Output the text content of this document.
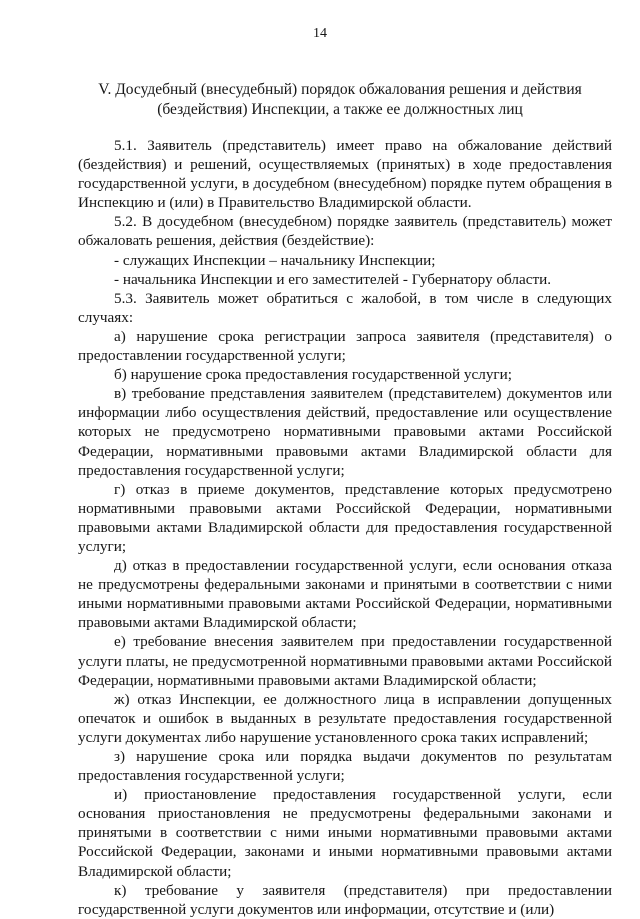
14
V. Досудебный (внесудебный) порядок обжалования решения и действия
(бездействия) Инспекции, а также ее должностных лиц

5.1. Заявитель (представитель) имеет право на обжалование действий (бездействия) и решений, осуществляемых (принятых) в ходе предоставления государственной услуги, в досудебном (внесудебном) порядке путем обращения в Инспекцию и (или) в Правительство Владимирской области.

5.2. В досудебном (внесудебном) порядке заявитель (представитель) может обжаловать решения, действия (бездействие):

- служащих Инспекции – начальнику Инспекции;

- начальника Инспекции и его заместителей - Губернатору области.

5.3. Заявитель может обратиться с жалобой, в том числе в следующих случаях:

а) нарушение срока регистрации запроса заявителя (представителя) о предоставлении государственной услуги;

б) нарушение срока предоставления государственной услуги;

в) требование представления заявителем (представителем) документов или информации либо осуществления действий, предоставление или осуществление которых не предусмотрено нормативными правовыми актами Российской Федерации, нормативными правовыми актами Владимирской области для предоставления государственной услуги;

г) отказ в приеме документов, представление которых предусмотрено нормативными правовыми актами Российской Федерации, нормативными правовыми актами Владимирской области для предоставления государственной услуги;

д) отказ в предоставлении государственной услуги, если основания отказа не предусмотрены федеральными законами и принятыми в соответствии с ними иными нормативными правовыми актами Российской Федерации, нормативными правовыми актами Владимирской области;

е) требование внесения заявителем при предоставлении государственной услуги платы, не предусмотренной нормативными правовыми актами Российской Федерации, нормативными правовыми актами Владимирской области;

ж) отказ Инспекции, ее должностного лица в исправлении допущенных опечаток и ошибок в выданных в результате предоставления государственной услуги документах либо нарушение установленного срока таких исправлений;

з) нарушение срока или порядка выдачи документов по результатам предоставления государственной услуги;

и) приостановление предоставления государственной услуги, если основания приостановления не предусмотрены федеральными законами и принятыми в соответствии с ними иными нормативными правовыми актами Российской Федерации, законами и иными нормативными правовыми актами Владимирской области;

к) требование у заявителя (представителя) при предоставлении государственной услуги документов или информации, отсутствие и (или)
